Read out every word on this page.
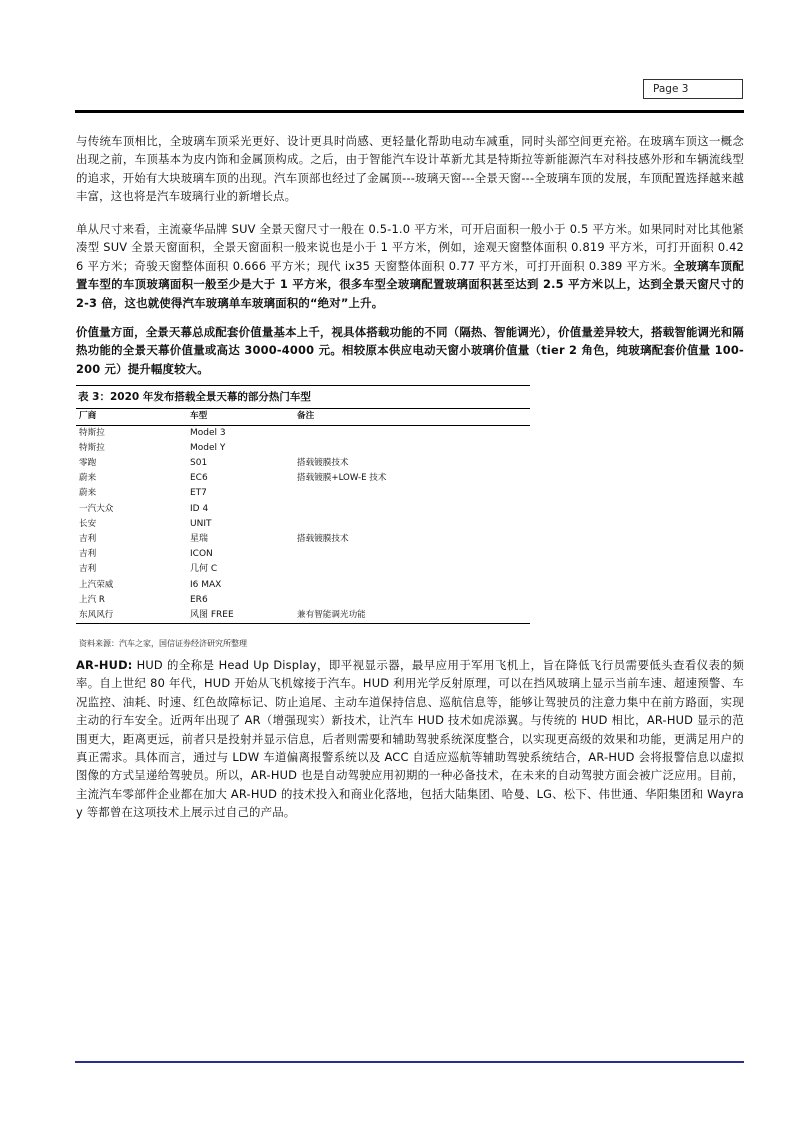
Page 3

与传统车顶相比，全玻璃车顶采光更好、设计更具时尚感、更轻量化帮助电动车减重，同时头部空间更充裕。在玻璃车顶这一概念出现之前，车顶基本为皮内饰和金属顶构成。之后，由于智能汽车设计革新尤其是特斯拉等新能源汽车对科技感外形和车辆流线型的追求，开始有大块玻璃车顶的出现。汽车顶部也经过了金属顶---玻璃天窗---全景天窗---全玻璃车顶的发展，车顶配置选择越来越丰富，这也将是汽车玻璃行业的新增长点。

单从尺寸来看，主流豪华品牌 SUV 全景天窗尺寸一般在 0.5-1.0 平方米，可开启面积一般小于 0.5 平方米。如果同时对比其他紧凑型 SUV 全景天窗面积，全景天窗面积一般来说也是小于 1 平方米，例如，途观天窗整体面积 0.819 平方米，可打开面积 0.426 平方米；奇骏天窗整体面积 0.666 平方米；现代 ix35 天窗整体面积 0.77 平方米，可打开面积 0.389 平方米。全玻璃车顶配置车型的车顶玻璃面积一般至少是大于 1 平方米，很多车型全玻璃配置玻璃面积甚至达到 2.5 平方米以上，达到全景天窗尺寸的 2-3 倍，这也就使得汽车玻璃单车玻璃面积的“绝对”上升。

价值量方面，全景天幕总成配套价值量基本上千，视具体搭载功能的不同（隔热、智能调光），价值量差异较大，搭载智能调光和隔热功能的全景天幕价值量或高达 3000-4000 元。相较原本供应电动天窗小玻璃价值量（tier 2 角色，纯玻璃配套价值量 100-200 元）提升幅度较大。

表 3：2020 年发布搭载全景天幕的部分热门车型
厂商	车型	备注
特斯拉	Model 3	
特斯拉	Model Y	
零跑	S01	搭载镀膜技术
蔚来	EC6	搭载镀膜+LOW-E 技术
蔚来	ET7	
一汽大众	ID 4	
长安	UNIT	
吉利	星瑞	搭载镀膜技术
吉利	ICON	
吉利	几何 C	
上汽荣威	I6 MAX	
上汽 R	ER6	
东风风行	风图 FREE	兼有智能调光功能
资料来源：汽车之家，国信证券经济研究所整理

AR-HUD: HUD 的全称是 Head Up Display，即平视显示器，最早应用于军用飞机上，旨在降低飞行员需要低头查看仪表的频率。自上世纪 80 年代，HUD 开始从飞机嫁接于汽车。HUD 利用光学反射原理，可以在挡风玻璃上显示当前车速、超速预警、车况监控、油耗、时速、红色故障标记、防止追尾、主动车道保持信息、巡航信息等，能够让驾驶员的注意力集中在前方路面，实现主动的行车安全。近两年出现了 AR（增强现实）新技术，让汽车 HUD 技术如虎添翼。与传统的 HUD 相比，AR-HUD 显示的范围更大，距离更远，前者只是投射并显示信息，后者则需要和辅助驾驶系统深度整合，以实现更高级的效果和功能，更满足用户的真正需求。具体而言，通过与 LDW 车道偏离报警系统以及 ACC 自适应巡航等辅助驾驶系统结合，AR-HUD 会将报警信息以虚拟图像的方式呈递给驾驶员。所以，AR-HUD 也是自动驾驶应用初期的一种必备技术，在未来的自动驾驶方面会被广泛应用。目前，主流汽车零部件企业都在加大 AR-HUD 的技术投入和商业化落地，包括大陆集团、哈曼、LG、松下、伟世通、华阳集团和 Wayray 等都曾在这项技术上展示过自己的产品。
